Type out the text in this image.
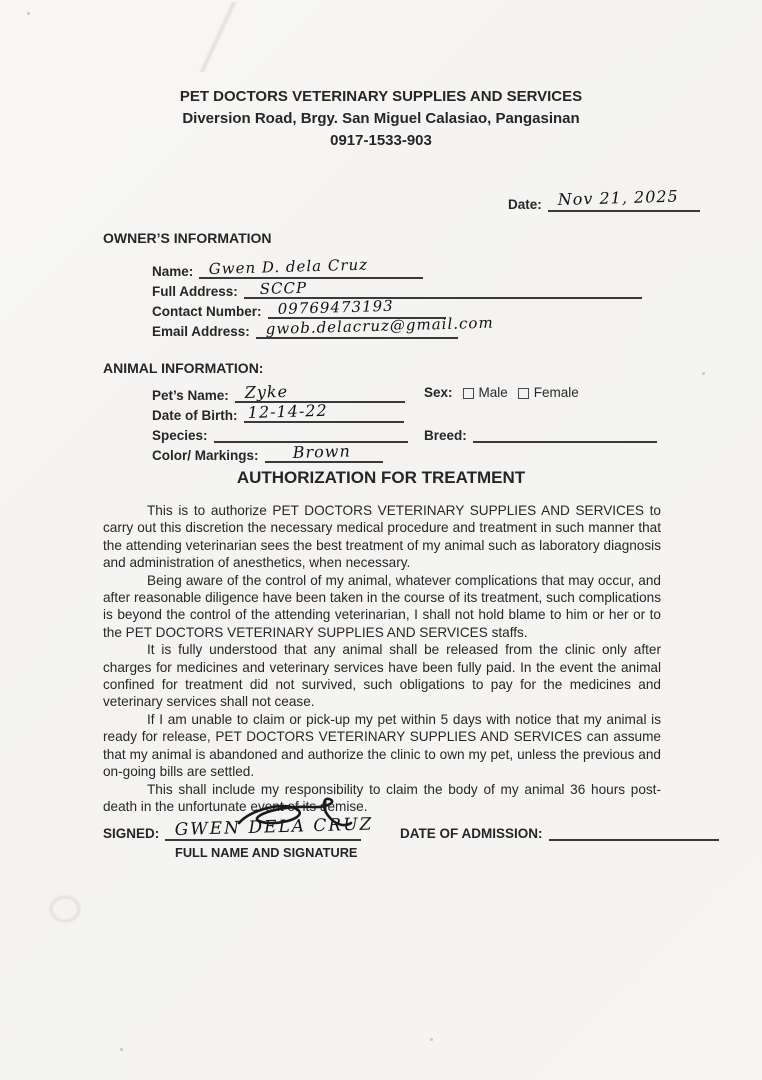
PET DOCTORS VETERINARY SUPPLIES AND SERVICES
Diversion Road, Brgy. San Miguel Calasiao, Pangasinan
0917-1533-903
Date: Nov 21, 2025
OWNER’S INFORMATION
Name: Gwen D. dela Cruz
Full Address: SCCP
Contact Number: 09769473193
Email Address: gwob.delacruz@gmail.com
ANIMAL INFORMATION:
Pet’s Name: Zyke	Sex: Male Female
Date of Birth: 12-14-22
Species:	Breed:
Color/ Markings: Brown
AUTHORIZATION FOR TREATMENT

This is to authorize PET DOCTORS VETERINARY SUPPLIES AND SERVICES to carry out this discretion the necessary medical procedure and treatment in such manner that the attending veterinarian sees the best treatment of my animal such as laboratory diagnosis and administration of anesthetics, when necessary.

Being aware of the control of my animal, whatever complications that may occur, and after reasonable diligence have been taken in the course of its treatment, such complications is beyond the control of the attending veterinarian, I shall not hold blame to him or her or to the PET DOCTORS VETERINARY SUPPLIES AND SERVICES staffs.

It is fully understood that any animal shall be released from the clinic only after charges for medicines and veterinary services have been fully paid. In the event the animal confined for treatment did not survived, such obligations to pay for the medicines and veterinary services shall not cease.

If I am unable to claim or pick-up my pet within 5 days with notice that my animal is ready for release, PET DOCTORS VETERINARY SUPPLIES AND SERVICES can assume that my animal is abandoned and authorize the clinic to own my pet, unless the previous and on-going bills are settled.

This shall include my responsibility to claim the body of my animal 36 hours post-death in the unfortunate event of its demise.

SIGNED: GWEN DELA CRUZ
FULL NAME AND SIGNATURE
DATE OF ADMISSION:
